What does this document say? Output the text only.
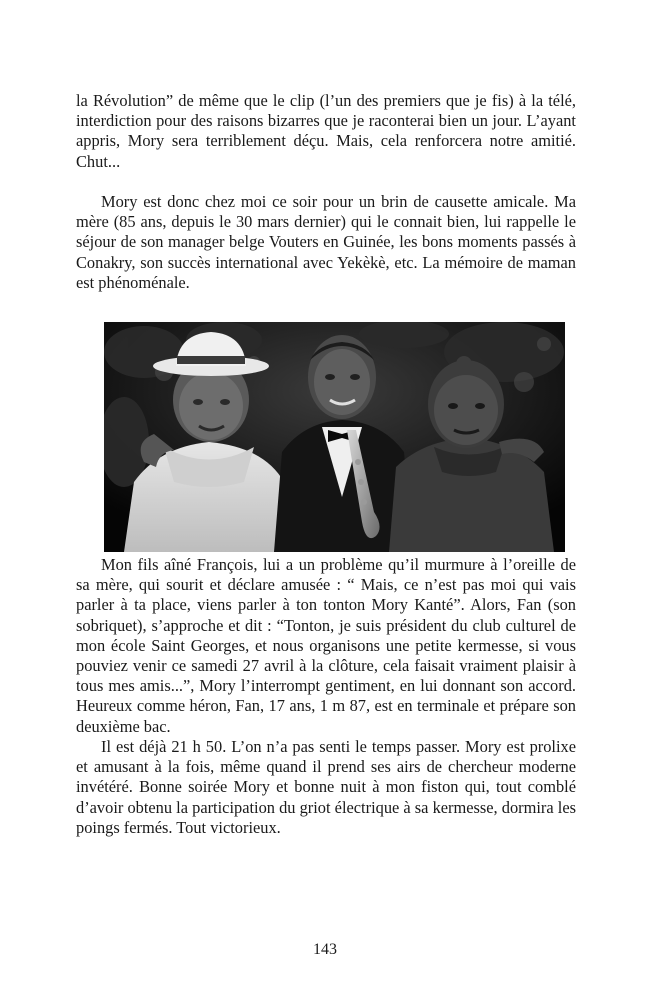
la Révolution” de même que le clip (l’un des premiers que je fis) à la télé, interdiction pour des raisons bizarres que je raconterai bien un jour. L’ayant appris, Mory sera terriblement déçu. Mais, cela renforcera notre amitié. Chut...

Mory est donc chez moi ce soir pour un brin de causette amicale. Ma mère (85 ans, depuis le 30 mars dernier) qui le connait bien, lui rappelle le séjour de son manager belge Vouters en Guinée, les bons moments passés à Conakry, son succès international avec Yekèkè, etc. La mémoire de maman est phénoménale.

Mon fils aîné François, lui a un problème qu’il murmure à l’oreille de sa mère, qui sourit et déclare amusée : “ Mais, ce n’est pas moi qui vais parler à ta place, viens parler à ton tonton Mory Kanté”. Alors, Fan (son sobriquet), s’approche et dit : “Tonton, je suis président du club culturel de mon école Saint Georges, et nous organisons une petite kermesse, si vous pouviez venir ce samedi 27 avril à la clôture, cela faisait vraiment plaisir à tous mes amis...”, Mory l’interrompt gentiment, en lui donnant son accord. Heureux comme héron, Fan, 17 ans, 1 m 87, est en terminale et prépare son deuxième bac.

Il est déjà 21 h 50. L’on n’a pas senti le temps passer. Mory est prolixe et amusant à la fois, même quand il prend ses airs de chercheur moderne invétéré. Bonne soirée Mory et bonne nuit à mon fiston qui, tout comblé d’avoir obtenu la participation du griot électrique à sa kermesse, dormira les poings fermés. Tout victorieux.

143
